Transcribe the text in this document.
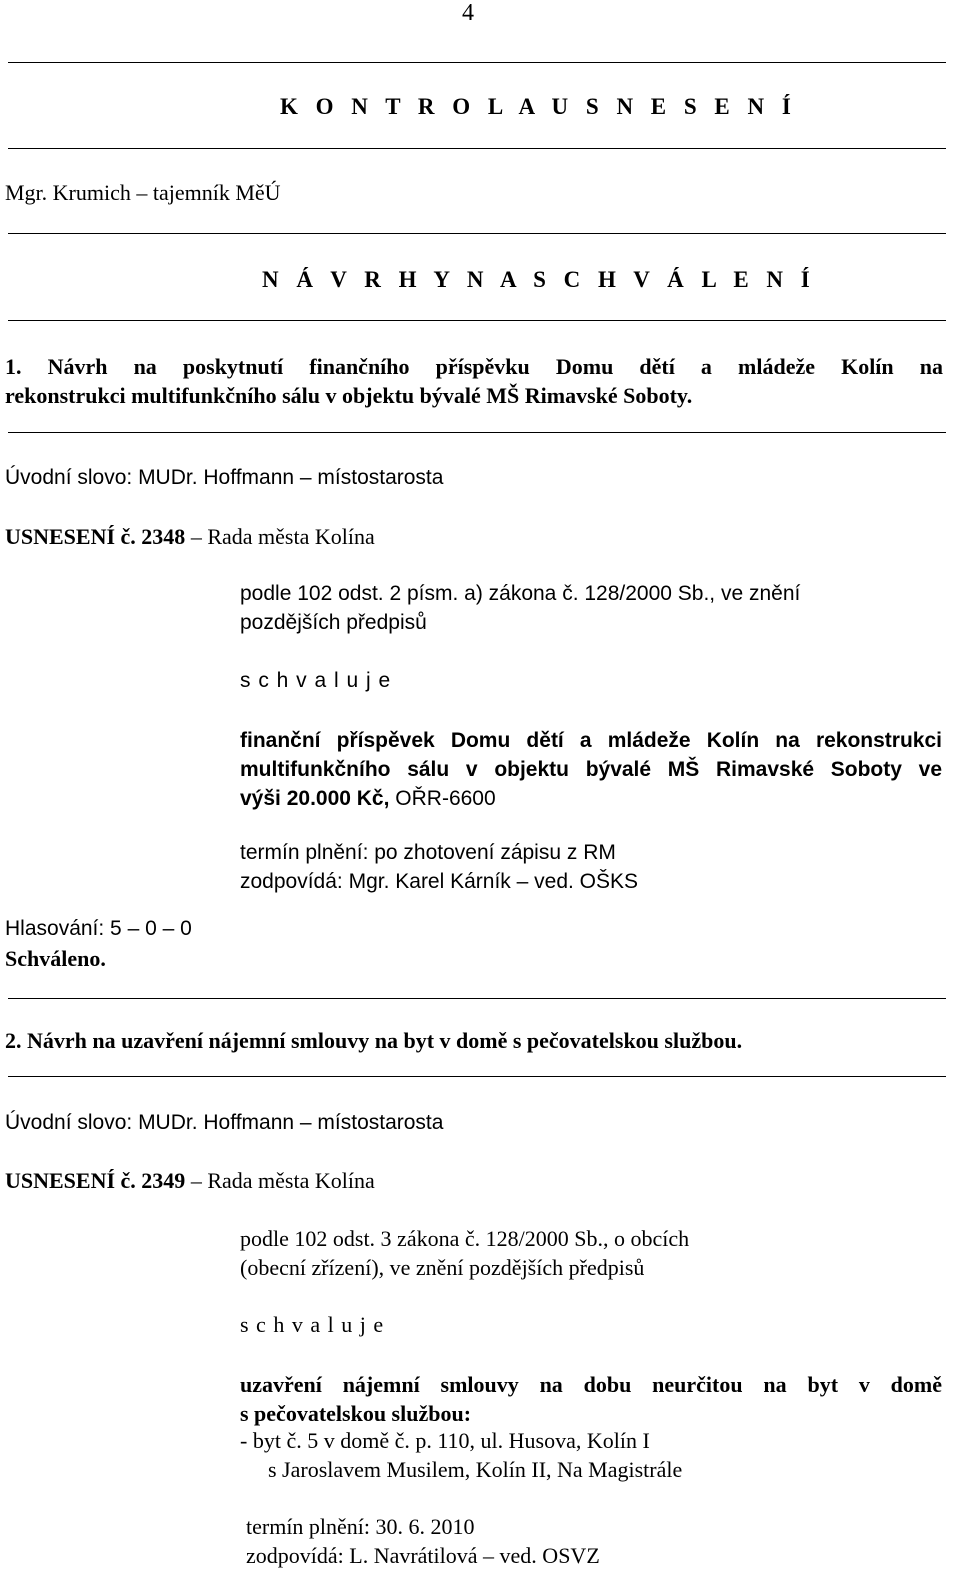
4
K O N T R O L A U S N E S E N Í
Mgr. Krumich – tajemník MěÚ
N Á V R H Y N A S C H V Á L E N Í
1. Návrh na poskytnutí finančního příspěvku Domu dětí a mládeže Kolín na
rekonstrukci multifunkčního sálu v objektu bývalé MŠ Rimavské Soboty.
Úvodní slovo: MUDr. Hoffmann – místostarosta
USNESENÍ č. 2348 – Rada města Kolína
podle 102 odst. 2 písm. a) zákona č. 128/2000 Sb., ve znění
pozdějších předpisů
s c h v a l u j e
finanční příspěvek Domu dětí a mládeže Kolín na rekonstrukci
multifunkčního sálu v objektu bývalé MŠ Rimavské Soboty ve
výši 20.000 Kč, OŘR-6600
termín plnění: po zhotovení zápisu z RM
zodpovídá: Mgr. Karel Kárník – ved. OŠKS
Hlasování: 5 – 0 – 0
Schváleno.
2. Návrh na uzavření nájemní smlouvy na byt v domě s pečovatelskou službou.
Úvodní slovo: MUDr. Hoffmann – místostarosta
USNESENÍ č. 2349 – Rada města Kolína
podle 102 odst. 3 zákona č. 128/2000 Sb., o obcích
(obecní zřízení), ve znění pozdějších předpisů
s c h v a l u j e
uzavření nájemní smlouvy na dobu neurčitou na byt v domě
s pečovatelskou službou:
- byt č. 5 v domě č. p. 110, ul. Husova, Kolín I
s Jaroslavem Musilem, Kolín II, Na Magistrále
termín plnění: 30. 6. 2010
zodpovídá: L. Navrátilová – ved. OSVZ
